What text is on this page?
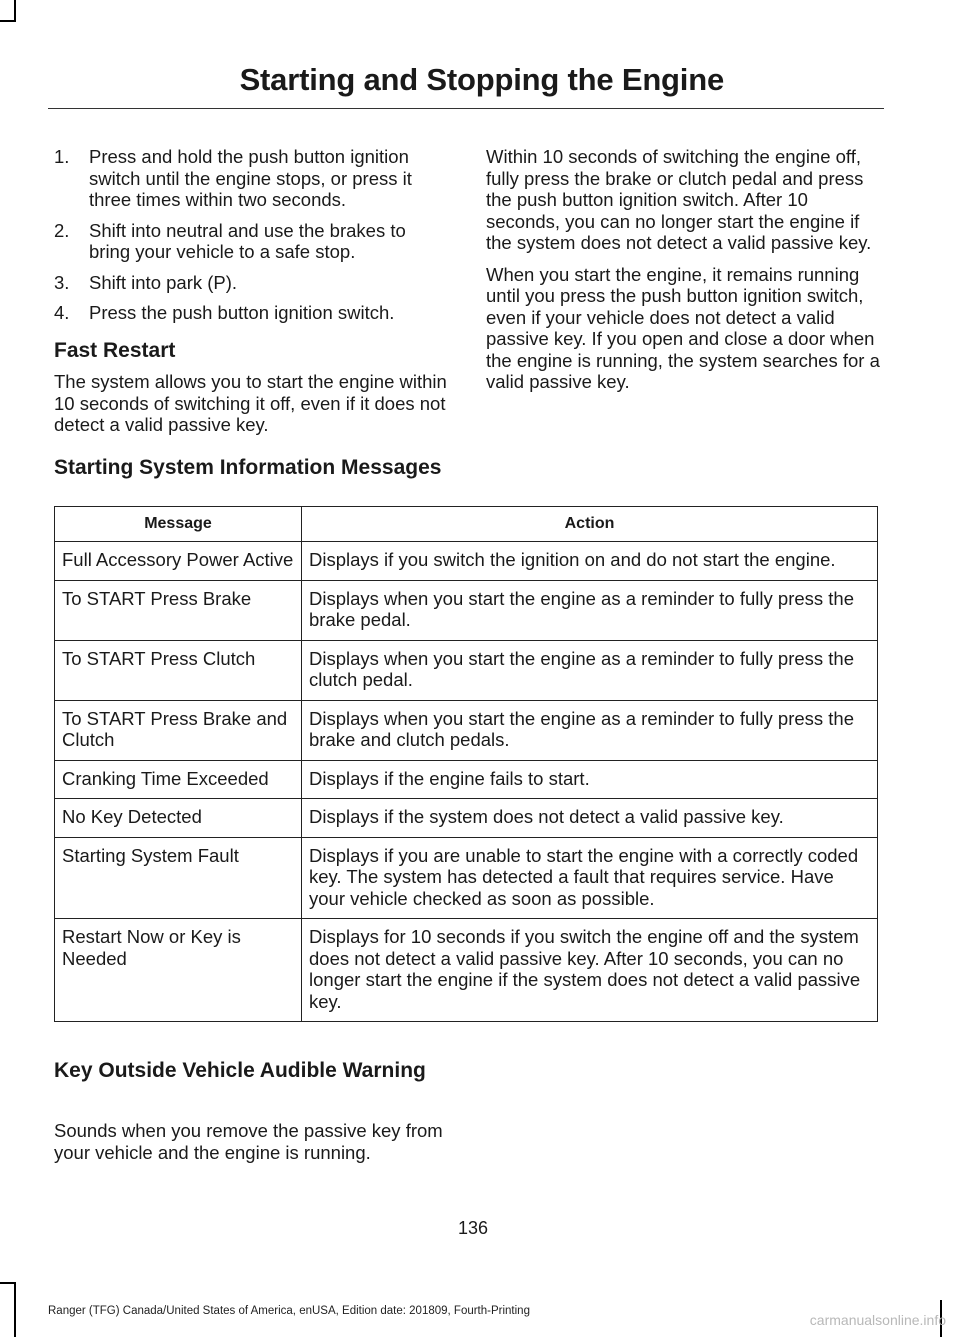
Starting and Stopping the Engine
1. Press and hold the push button ignition switch until the engine stops, or press it three times within two seconds.
2. Shift into neutral and use the brakes to bring your vehicle to a safe stop.
3. Shift into park (P).
4. Press the push button ignition switch.
Fast Restart

The system allows you to start the engine within 10 seconds of switching it off, even if it does not detect a valid passive key.

Within 10 seconds of switching the engine off, fully press the brake or clutch pedal and press the push button ignition switch. After 10 seconds, you can no longer start the engine if the system does not detect a valid passive key.

When you start the engine, it remains running until you press the push button ignition switch, even if your vehicle does not detect a valid passive key. If you open and close a door when the engine is running, the system searches for a valid passive key.

Starting System Information Messages
Message	Action
Full Accessory Power Active	Displays if you switch the ignition on and do not start the engine.
To START Press Brake	Displays when you start the engine as a reminder to fully press the brake pedal.
To START Press Clutch	Displays when you start the engine as a reminder to fully press the clutch pedal.
To START Press Brake and Clutch	Displays when you start the engine as a reminder to fully press the brake and clutch pedals.
Cranking Time Exceeded	Displays if the engine fails to start.
No Key Detected	Displays if the system does not detect a valid passive key.
Starting System Fault	Displays if you are unable to start the engine with a correctly coded key. The system has detected a fault that requires service. Have your vehicle checked as soon as possible.
Restart Now or Key is Needed	Displays for 10 seconds if you switch the engine off and the system does not detect a valid passive key. After 10 seconds, you can no longer start the engine if the system does not detect a valid passive key.
Key Outside Vehicle Audible Warning
Sounds when you remove the passive key from your vehicle and the engine is running.
136
Ranger (TFG) Canada/United States of America, enUSA, Edition date: 201809, Fourth-Printing
carmanualsonline.info
